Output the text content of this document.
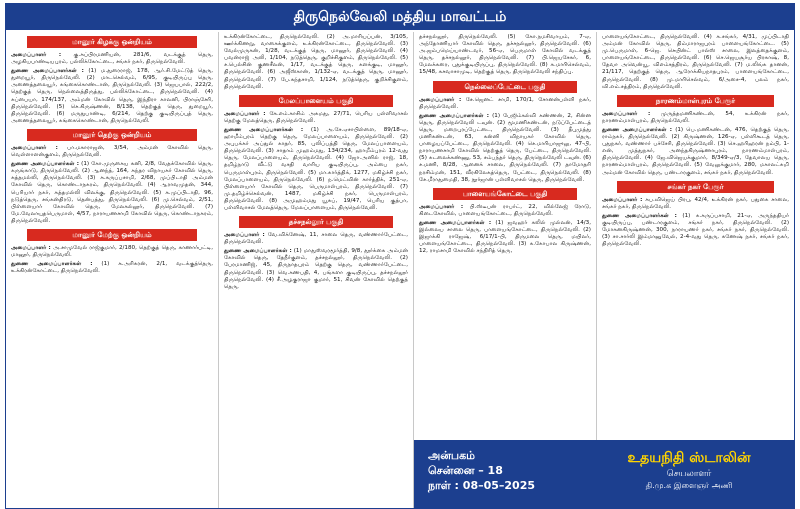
திருநெல்வேலி மத்திய மாவட்டம்
மானூர் கிழக்கு ஒன்றியம்
அமைப்பாளர் : கு.சுப்பிரமணியன், 281/6, வடக்குத் தெரு, அழகியபாண்டியபுரம், பல்லிக்கோட்டை, சங்கர் நகர், திருநெல்வேலி.
துணை அமைப்பாளர்கள் : (1) ம.துரைராஜ், 178, ஆர்.சி.மேட்டுத் தெரு, துறையூர், திருநெல்வேலி. (2) மாடசெல்வம், 6/95, குடியிருப்பு தெரு, அணைத்தலையூர், கங்கைகொண்டான், திருநெல்வேலி. (3) ஜெயபால், 222/2, தெற்குத் தெரு, நெல்லைத்திருத்து, பல்லிக்கோட்டை, திருநெல்வேலி. (4) சுப்பையா, 174/137, அம்மன் கோவில் தெரு, இந்திரா காலனி, பிராஞ்சேரி, திருநெல்வேலி. (5) செ.கிருஷ்ணன், 8/138, தெற்குத் தெரு, துறையூர், திருநெல்வேலி. (6) மருதுபாண்டி, 6/214, தெற்கு குடியிருப்புத் தெரு, அணைத்தலையூர், கங்கைகொண்டான், திருநெல்வேலி.
மானூர் தெற்கு ஒன்றியம்
அமைப்பாளர் : பா.மகாராஜன், 3/54, அம்மன் கோவில் தெரு, வெள்ளாளன்குளம், திருநெல்வேலி.
துணை அமைப்பாளர்கள் : (1) கோ.முருகைய கனி, 2/8, வேதக்கோவில் தெரு, கருங்காடு, திருநெல்வேலி. (2) ஆனந்த், 164, சுந்தர விநாயகர் கோவில் தெரு, சுத்தமல்லி, திருநெல்வேலி. (3) சு.கருப்பசாமி, 2/68, முப்பிடாதி அம்மன் கோவில் தெரு, கொண்டாநகரம், திருநெல்வேலி. (4) ஆராவமுதன், 344, பெரியார் நகர், சுத்தமல்லி விலக்கு, திருநெல்வேலி. (5) க.முப்பிடாதி, 96, நடுத்தெரு, சங்கன்திரடு, தென்பத்து, திருநெல்வேலி. (6) மு.செல்வம், 2/51, பிள்ளையார் கோவில் தெரு, மேலகல்லூர், திருநெல்வேலி. (7) மே.வேலாயுதபெருமாள், 4/57, நாராயணசாமி கோவில் தெரு, கொண்டாநகரம், திருநெல்வேலி.
மானூர் மேற்கு ஒன்றியம்
அமைப்பாளர் : அ.சாமுவேல் ராஜ்குமார், 2/180, தெற்குத் தெரு, காணார்பட்டி, மானூர், திருநெல்வேலி.
துணை அமைப்பாளர்கள் : (1) க.அரிகரன், 2/1, வடக்குத்தெரு, உக்கிரன்கோட்டை, திருநெல்வேலி.
உக்கிரன்கோட்டை, திருநெல்வேலி. (2) அ.மாரியப்பன், 3/105, ஊர்க்கிணறு, வாகைக்குளம், உக்கிரன்கோட்டை, திருநெல்வேலி. (3) வேல்முருகன், 1/28, வடக்குத் தெரு, மானூர், திருநெல்வேலி. (4) பவன்ராஜ் அலி, 1/104, நடுத்தெரு, குறிச்சிகுளம், திருநெல்வேலி. (5) ச.பெல்சின் குணசீலன், 1/17, வடக்குத் தெரு, களக்குடி, மானூர், திருநெல்வேலி. (6) அஜீஸ்கான், 1/132-ஏ, வடக்குத் தெரு, மானூர், திருநெல்வேலி. (7) பே.கந்தசாமி, 1/124, நடுத்தெரு, குறிச்சிகுளம், திருநெல்வேலி.
மேலப்பாளையம் பகுதி
அமைப்பாளர் : கே.எம்.காசிம் அகமது, 27/71, பெரிய பள்ளிவாசல் தெற்கு மேலத்தெரு, திருநெல்வேலி.
துணை அமைப்பாளர்கள் : (1) அ.சே.ஏசாபிள்ளை, 89/18-ஏ, ஹாமீம்புரம் தெற்கு தெரு, மேலப்பாளையம், திருநெல்வேலி. (2) அபுபக்கர் அப்துல் காதர், 85, புலிப்பத்தி தெரு, மேலப்பாளையம், திருநெல்வேலி. (3) சாதாம் முஹம்மது, 134/234, ஹாமீம்புரம் 12-வது தெரு, மேலப்பாளையம், திருநெல்வேலி. (4) ஜோ.அனில் ராஜ், 18, தமிழ்நாடு வீட்டு வசதி வாரிய குடியிருப்பு, அம்பை நகர், பெருமாள்புரம், திருநெல்வேலி. (5) மா.கார்த்திக், 1277, மகிழ்ச்சி நகர், மேலப்பாளையம், திருநெல்வேலி. (6) ந.மெட்வின் கார்த்திக், 251-ஏ, பிள்ளையார் கோவில் தெரு, பெருமாள்புரம், திருநெல்வேலி. (7) மு.தமிழ்ச்செல்வன், 1487, மகிழ்ச்சி நகர், பெருமாள்புரம், திருநெல்வேலி. (8) அமுஹம்மது யூசுப், 19/47, பெரிய குத்பா, பள்ளிவாசல் மேலத்தெரு, மேலப்பாளையம், திருநெல்வேலி.
தச்சநல்லூர் பகுதி
அமைப்பாளர் : வே.விக்னேஷ், 11, சாலை தெரு, வண்ணார்பேட்டை, திருநெல்வேலி.
துணை அமைப்பாளர்கள் : (1) மாதுஸ்வரமூர்த்தி, 9/8, தூர்க்கை அம்மன் கோவில் தெரு, தேநீர்குளம், தச்சநல்லூர், திருநெல்வேலி. (2) பேரமாணிஜ், 45, திருநாதபுரம் தெற்கு தெரு, வண்ணார்பேட்டை, திருநெல்வேலி. (3) வெ.கணபதி, 4, பங்களா குடியிருப்பு, தச்சநல்லூர் திருநெல்வேலி. (4) சீ.அழகுராஜா குமார், 51, சிவன் கோவில் தெற்குத் தெரு,
தச்சநல்லூர், திருநெல்வேலி. (5) கோ.நமசிவாயம், 7-ஏ, அந்தோணியார் கோவில் தெரு, தச்சநல்லூர், திருநெல்வேலி. (6) அ.ஜம்பமெய்யாண்டவர், 56-ஏ, பெருமாள் கோவில் வடக்குத் தெரு, தச்சநல்லூர், திருநெல்வேலி. (7) பி.ஜெயசேகர், 6, மேலக்கரை, புதுக்குடியிருப்பு, திருநெல்வேலி. (8) க.மாரிசெல்வம், 15/48, கசவாசாமுடி, தெற்குத் தெரு, திருநெல்வேலி சந்திப்பு.
நெல்லைப்பேட்டை பகுதி
அமைப்பாளர் : சே.ஜெனட் சாமி, 170/1, சோனன்பள்ளி நகர், திருநெல்வேலி.
துணை அமைப்பாளர்கள் : (1) பேஜிம்கல்வி கண்ணன், 2, சின்ன தெரு, திருநெல்வேலி டவுன். (2) மூமணிகண்டன், நடுப்பேட்டைத் தெரு, மறைபுரப்பேட்டை, திருநெல்வேலி. (3) தீபுமுத்து மணிகண்டன், 63, கன்னி விநாயகர் கோவில் தெரு, பாழையப்பேட்டை, திருநெல்வேலி. (4) செ.மாரியாஜுலு, 47-பி, நாராயணசாமி கோவில் தெற்குத் தெரு, பேட்டை, திருநெல்வேலி. (5) சுடலைக்கண்ணு, 53, சம்பந்தர் தெரு, திருநெல்வேலி டவுன். (6) ச.மணி, 8/28, ஆனைக் சாலை, திருநெல்வேலி. (7) தாமோதரி நரசிம்மன், 151, வீரகிலேகத்தெரு, பேட்டை, திருநெல்வேலி. (8) சே.மீராதுமைதி, 38, நூர்ஜான் பள்ளிவாசல் தெரு, திருநெல்வேலி.
பாளையங்கோட்டை பகுதி
அமைப்பாளர் : பி.ஸ்டீபன் ராபர்ட், 22, வில்லேஜ் ரோடு, கிடைகோவில், பாளையங்கோட்டை, திருநெல்வேலி.
துணை அமைப்பாளர்கள் : (1) ஜவஹர் கலில் முல்லன், 14/3, இல்லைய சாலை தெரு, பாளையங்கோட்டை, திருநெல்வேலி. (2) இஜாக்கி ராஜேஷ், 6/17/1-பி, திருமலை தெரு, மயிலர், பாளையங்கோட்டை, திருநெல்வேலி. (3) க.கோபால கிருஷ்ணன், 12, ராமசாமி கோவில் சந்திரித் தெரு,
பாளையங்கோட்டை, திருநெல்வேலி. (4) க.சங்கர், 4/31, முப்பிடாதி அம்மன் கோவில் தெரு, திம்மாராஜபுரம் பாளையங்கோட்டை. (5) மு.பெருமாள், 6-ஜெ. செயின்ட் பால்ஸ் சாலை, இலத்தைக்குளம், பாளையங்கோட்டை, திருநெல்வேலி. (6) செ.ஜெயசூர்ய பிரகாஷ், 8, தேவா அவென்யூ, விஎம்சத்திரம், திருநெல்வேலி. (7) ம.லிங்க தானன், 21/117, தெற்குத் தெரு, ஆரோக்கியநாதபுரம், பாளையங்கோட்டை, திருநெல்வேலி. (8) மு.மாரிசெல்வம், 6/அசை-4, பலம் நகர், வி.எம்.சத்திரம், திருநெல்வேலி.
நாரணம்மாள்புரம் பேரூர்
அமைப்பாளர் : முருத்தமணிகண்டன், 54, உக்கிரன் நகர், நாரணம்மாள்புரம், திருநெல்வேலி.
துணை அமைப்பாளர்கள் : (1) பெ.மணிகண்டன், 476, தெற்குத் தெரு, ராம்நகர், திருநெல்வேலி. (2) கிருஷ்ணன், 126-ஏ, பள்ளிகூடத் தெரு, புதுநகர், வண்ணார் பச்சேரி, திருநெல்வேலி. (3) செ.ஹரிஹரன் நம்பி, 1-என், முத்துநகர், அனந்தகிருஷ்ணாபுரம், நாரணம்மாள்புரம், திருநெல்வேலி. (4) ஜே.விஜெயக்குமார், 8/349-ஏ/3, தேவாலய தெரு, நாரணம்மாள்புரம், திருநெல்வேலி. (5) வேலுக்குமார், 280, மகாலட்சுமி அம்மன் கோவில் தெரு, பண்டாரகுளம், சங்கர் நகர், திருநெல்வேலி.
சங்கர் நகர் பேரூர்
அமைப்பாளர் : சுப.விஜெய் பிரபு, 42/4, உக்கிரன் நகர், பதுகை சாலை, சங்கர் நகர், திருநெல்வேலி.
துணை அமைப்பாளர்கள் : (1) க.கருப்பசாமி, 21-ஏ, அருந்ததியர் குடியிருப்பு, பண்டாரகுளம், சங்கர் நகர், திருநெல்வேலி. (2) மோகனகிருஷ்ணன், 300, நாராயணர் நகர், சங்கர் நகர், திருநெல்வேலி. (3) சா.சார்லி இம்மானுவேல், 2-4-வது தெரு, கணேஷ் நகர், சங்கர் நகர், திருநெல்வேலி.
அன்பகம்
சென்னை – 18
நாள் : 08–05–2025
உதயநிதி ஸ்டாலின்
செயலாளர்
தி.மு.க இளைஞர் அணி
